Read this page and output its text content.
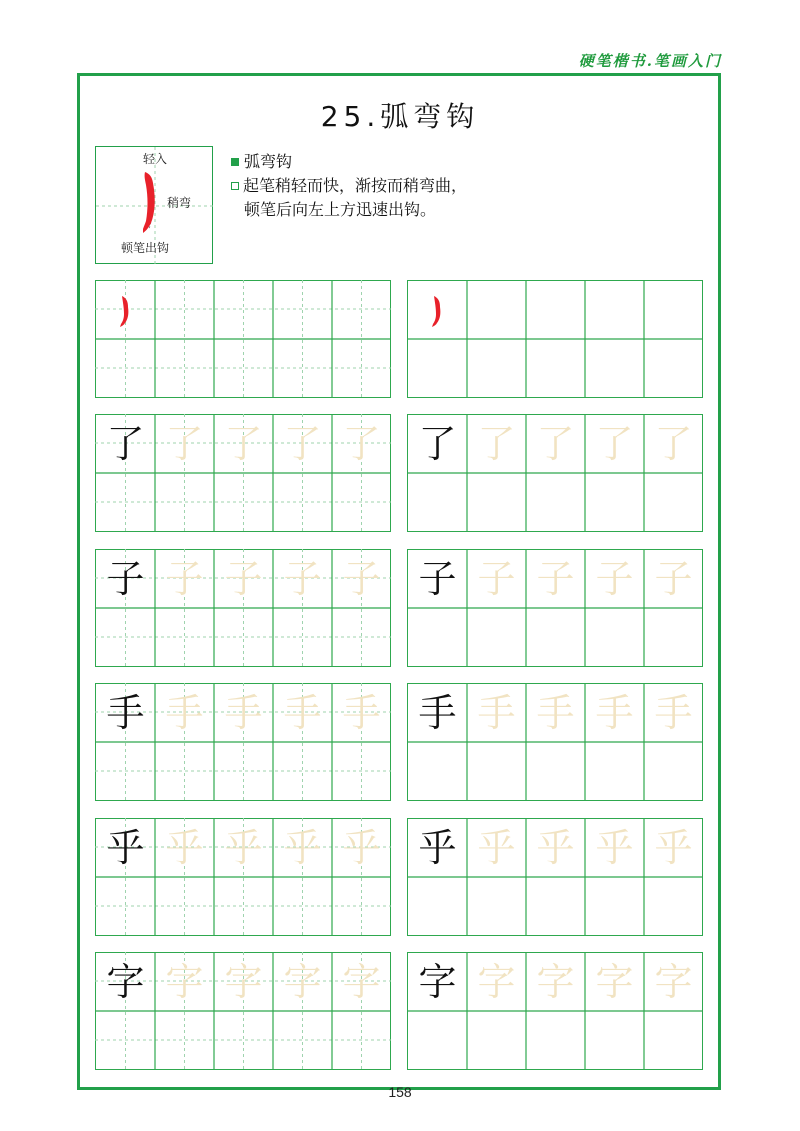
硬笔楷书.笔画入门
25.弧弯钩
轻入
稍弯
顿笔出钩
弧弯钩
起笔稍轻而快，渐按而稍弯曲，
顿笔后向左上方迅速出钩。
了 了 了 了 了 了 了 了 了 了
子 子 子 子 子 子 子 子 子 子
手 手 手 手 手 手 手 手 手 手
乎 乎 乎 乎 乎 乎 乎 乎 乎 乎
字 字 字 字 字 字 字 字 字 字
158
